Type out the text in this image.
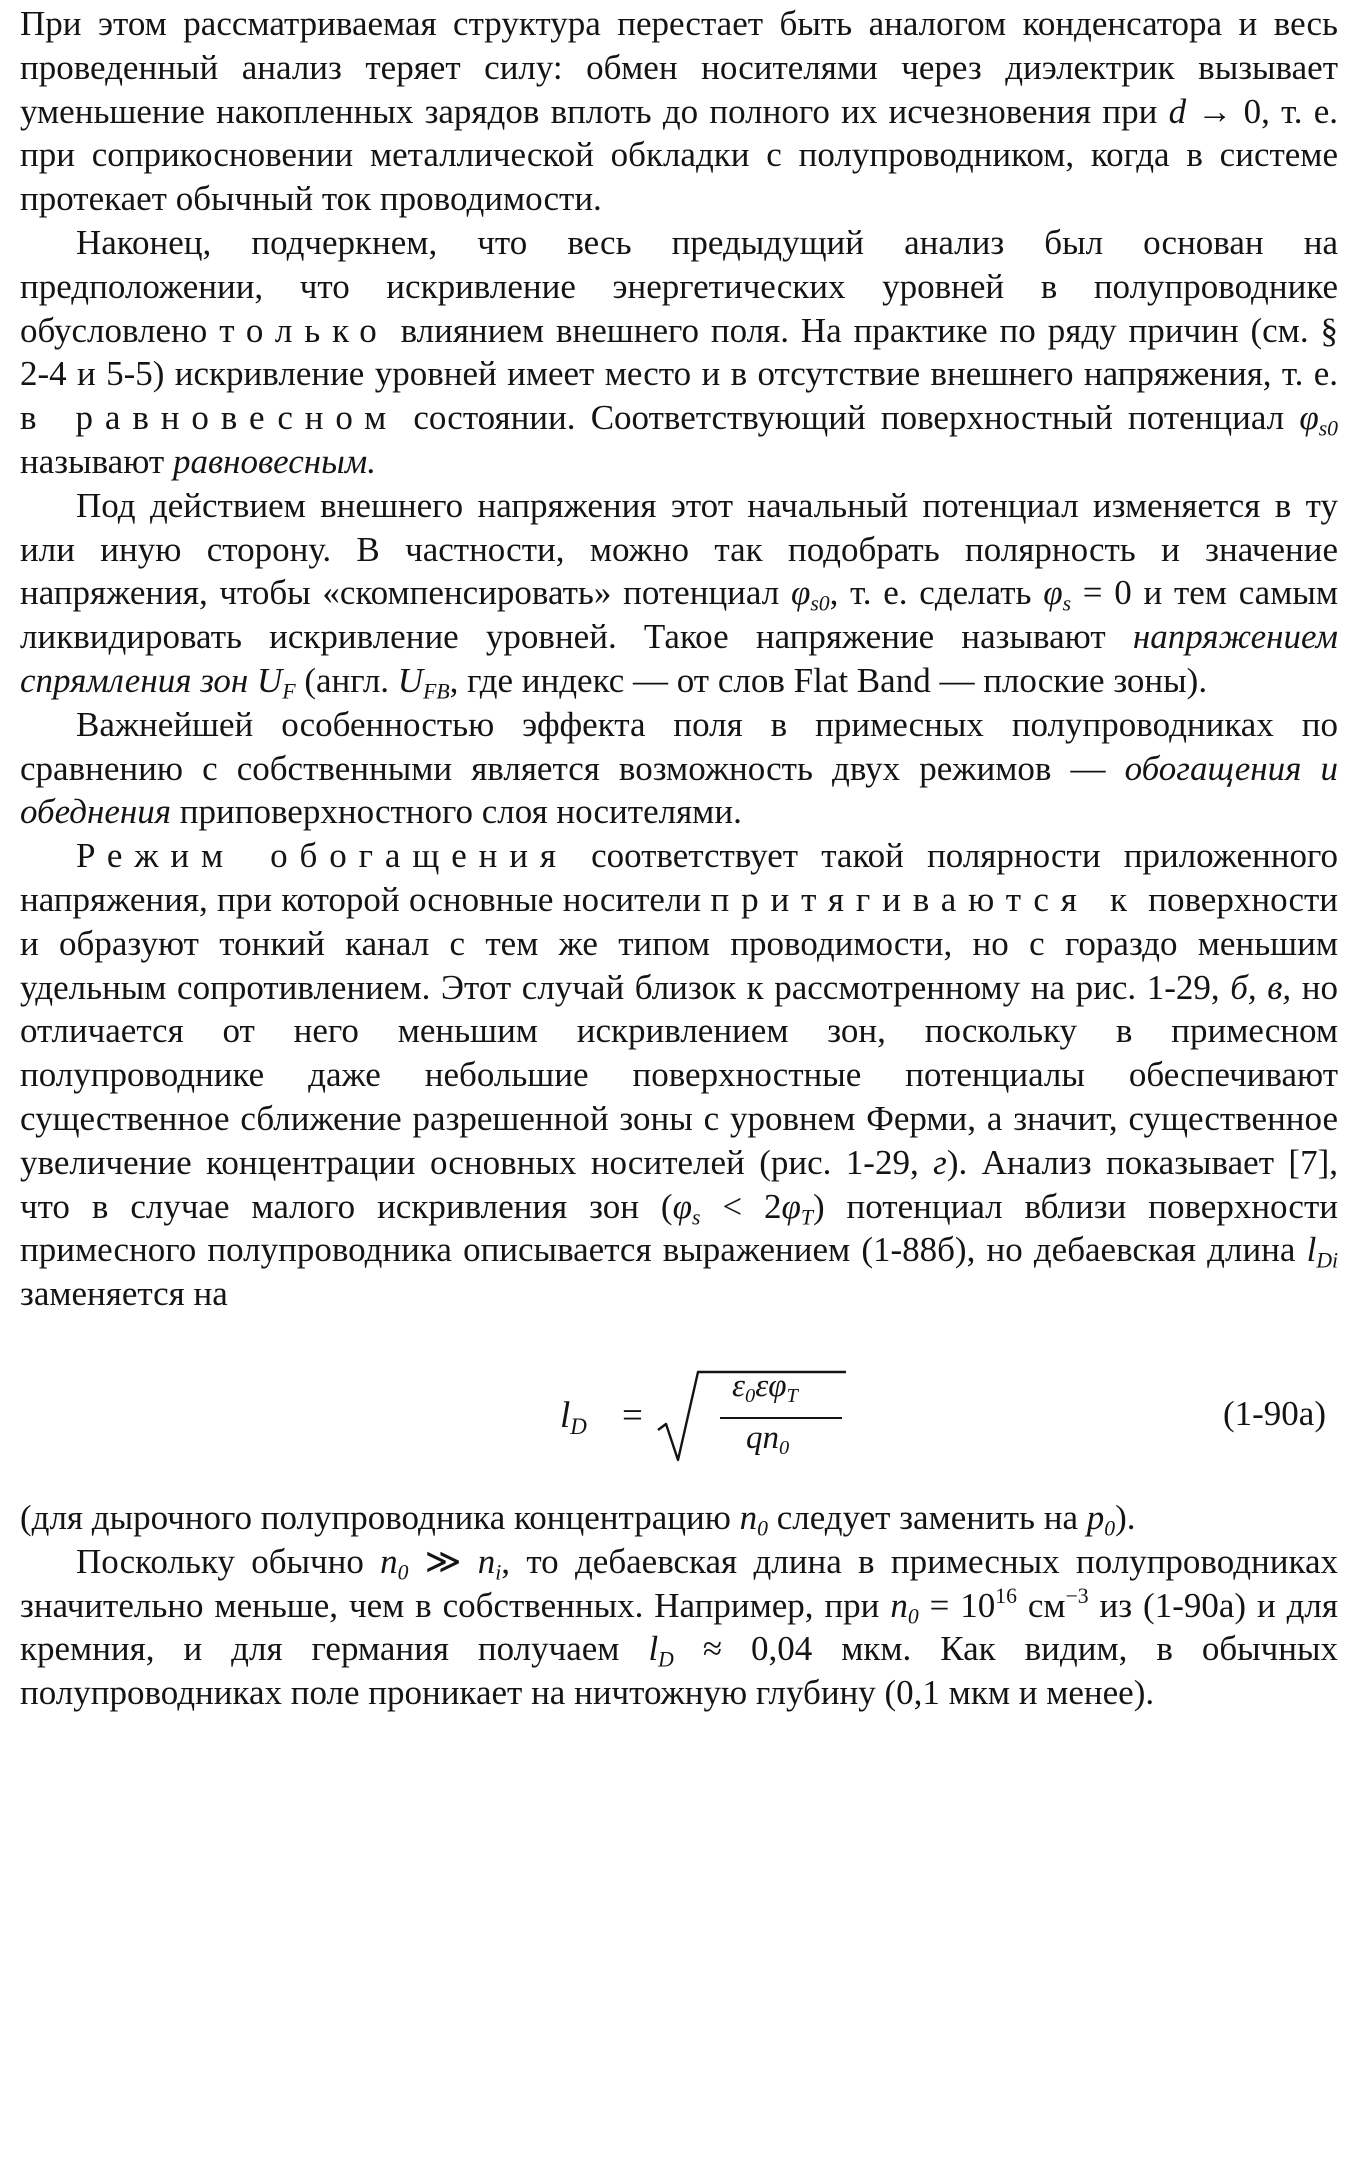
При этом рассматриваемая структура перестает быть аналогом конденсатора и весь проведенный анализ теряет силу: обмен носителями через диэлектрик вызывает уменьшение накопленных зарядов вплоть до полного их исчезновения при d → 0, т. е. при соприкосновении металлической обкладки с полупроводником, когда в системе протекает обычный ток проводимости.

Наконец, подчеркнем, что весь предыдущий анализ был основан на предположении, что искривление энергетических уровней в полупроводнике обусловлено только влиянием внешнего поля. На практике по ряду причин (см. § 2-4 и 5-5) искривление уровней имеет место и в отсутствие внешнего напряжения, т. е. в равновесном состоянии. Соответствующий поверхностный потенциал $\varphi_{s0}$ называют равновесным.

Под действием внешнего напряжения этот начальный потенциал изменяется в ту или иную сторону. В частности, можно так подобрать полярность и значение напряжения, чтобы «скомпенсировать» потенциал $\varphi_{s0}$, т. е. сделать $\varphi_s = 0$ и тем самым ликвидировать искривление уровней. Такое напряжение называют напряжением спрямления зон $U_F$ (англ. $U_{FB}$, где индекс — от слов Flat Band — плоские зоны).

Важнейшей особенностью эффекта поля в примесных полупроводниках по сравнению с собственными является возможность двух режимов — обогащения и обеднения приповерхностного слоя носителями.

Режим обогащения соответствует такой полярности приложенного напряжения, при которой основные носители притягиваются к поверхности и образуют тонкий канал с тем же типом проводимости, но с гораздо меньшим удельным сопротивлением. Этот случай близок к рассмотренному на рис. 1-29, б, в, но отличается от него меньшим искривлением зон, поскольку в примесном полупроводнике даже небольшие поверхностные потенциалы обеспечивают существенное сближение разрешенной зоны с уровнем Ферми, а значит, существенное увеличение концентрации основных носителей (рис. 1-29, г). Анализ показывает [7], что в случае малого искривления зон $(\varphi_s < 2\varphi_T)$ потенциал вблизи поверхности примесного полупроводника описывается выражением (1-88б), но дебаевская длина $l_{Di}$ заменяется на

$l_D$ =
$\varepsilon_0\varepsilon\varphi_T$
$qn_0$
(1-90а)

(для дырочного полупроводника концентрацию $n_0$ следует заменить на $p_0$).

Поскольку обычно $n_0$ ≫ $n_i$, то дебаевская длина в примесных полупроводниках значительно меньше, чем в собственных. Например, при $n_0 = 10^{16}$ $см^{-3}$ из (1-90а) и для кремния, и для германия получаем $l_D \approx 0,04$ мкм. Как видим, в обычных полупроводниках поле проникает на ничтожную глубину (0,1 мкм и менее).
